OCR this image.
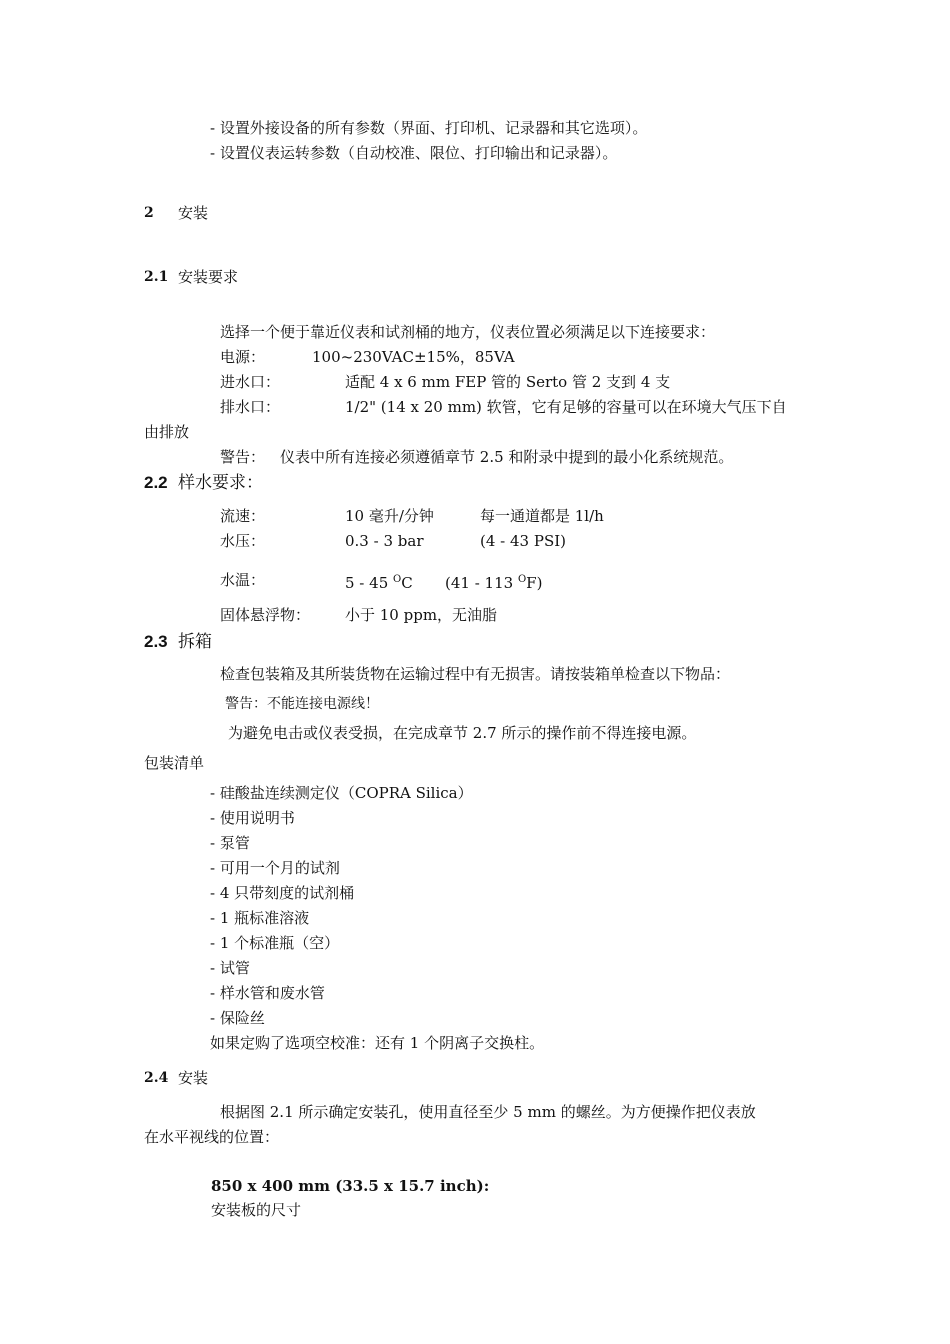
- 设置外接设备的所有参数（界面、打印机、记录器和其它选项）。
- 设置仪表运转参数（自动校准、限位、打印输出和记录器）。
2 安装
2.1 安装要求
选择一个便于靠近仪表和试剂桶的地方，仪表位置必须满足以下连接要求：
电源：	100~230VAC±15%，85VA
进水口：	适配 4 x 6 mm FEP 管的 Serto 管 2 支到 4 支
排水口：	1/2" (14 x 20 mm) 软管，它有足够的容量可以在环境大气压下自
由排放
警告： 仪表中所有连接必须遵循章节 2.5 和附录中提到的最小化系统规范。
2.2 样水要求：
流速：	10 毫升/分钟	每一通道都是 1l/h
水压：	0.3 - 3 bar	(4 - 43 PSI)
水温：	5 - 45 $^O$C (41 - 113 $^O$F)
固体悬浮物： 小于 10 ppm，无油脂
2.3 拆箱
检查包装箱及其所装货物在运输过程中有无损害。请按装箱单检查以下物品：
警告：不能连接电源线！
为避免电击或仪表受损，在完成章节 2.7 所示的操作前不得连接电源。
包装清单
- 硅酸盐连续测定仪（COPRA Silica）
- 使用说明书
- 泵管
- 可用一个月的试剂
- 4 只带刻度的试剂桶
- 1 瓶标准溶液
- 1 个标准瓶（空）
- 试管
- 样水管和废水管
- 保险丝
如果定购了选项空校准：还有 1 个阴离子交换柱。
2.4 安装
根据图 2.1 所示确定安装孔，使用直径至少 5 mm 的螺丝。为方便操作把仪表放
在水平视线的位置：
850 x 400 mm (33.5 x 15.7 inch):
安装板的尺寸
